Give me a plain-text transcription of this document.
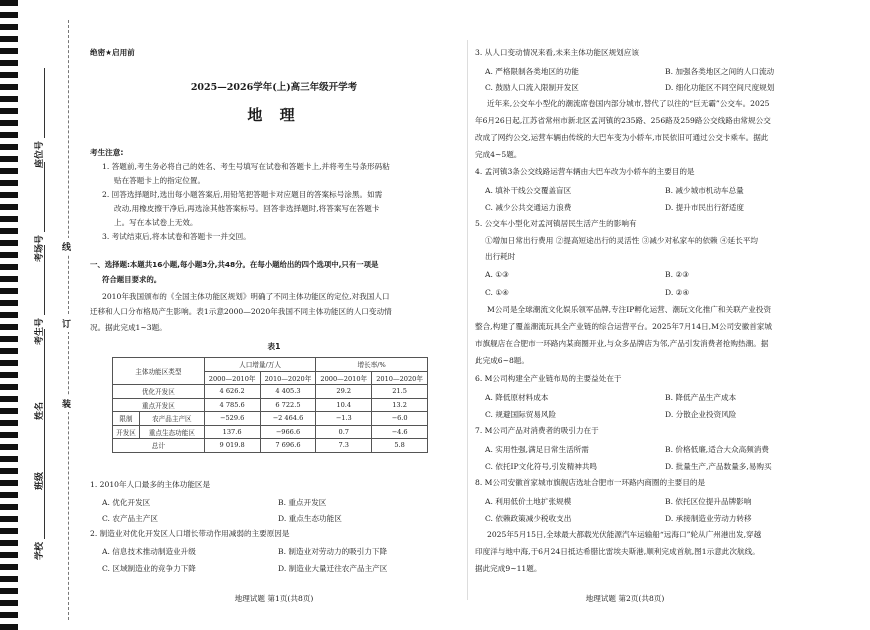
座位号
考场号
考生号
姓名
班级
学校
线
订
装
绝密★启用前
2025—2026学年(上)高三年级开学考
地 理
考生注意:
1. 答题前,考生务必将自己的姓名、考生号填写在试卷和答题卡上,并将考生号条形码粘
贴在答题卡上的指定位置。
2. 回答选择题时,选出每小题答案后,用铅笔把答题卡对应题目的答案标号涂黑。如需
改动,用橡皮擦干净后,再选涂其他答案标号。回答非选择题时,将答案写在答题卡
上。写在本试卷上无效。
3. 考试结束后,将本试卷和答题卡一并交回。
一、选择题:本题共16小题,每小题3分,共48分。在每小题给出的四个选项中,只有一项是
符合题目要求的。
2010年我国颁布的《全国主体功能区规划》明确了不同主体功能区的定位,对我国人口
迁移和人口分布格局产生影响。表1示意2000—2020年我国不同主体功能区的人口变动情
况。据此完成1~3题。
表1
主体功能区类型		人口增量/万人		增长率/%	
		2000—2010年	2010—2020年	2000—2010年	2010—2020年
优化开发区		4 626.2	4 405.3	29.2	21.5
重点开发区		4 785.6	6 722.5	10.4	13.2
限制	农产品主产区	−529.6	−2 464.6	−1.3	−6.0
开发区	重点生态功能区	137.6	−966.6	0.7	−4.6
总计		9 019.8	7 696.6	7.3	5.8
1. 2010年人口最多的主体功能区是
A. 优化开发区	B. 重点开发区
C. 农产品主产区	D. 重点生态功能区
2. 制造业对优化开发区人口增长带动作用减弱的主要原因是
A. 信息技术推动制造业升级	B. 制造业对劳动力的吸引力下降
C. 区域制造业的竞争力下降	D. 制造业大量迁往农产品主产区
地理试题 第1页(共8页)
3. 从人口变动情况来看,未来主体功能区规划应该
A. 严格限制各类地区的功能	B. 加强各类地区之间的人口流动
C. 鼓励人口流入限制开发区	D. 细化功能区不同空间尺度规划
近年来,公交车小型化的潮流席卷国内部分城市,替代了以往的“巨无霸”公交车。2025
年6月26日起,江苏省常州市新北区孟河镇的235路、256路及259路公交线路由常规公交
改成了网约公交,运营车辆由传统的大巴车变为小轿车,市民依旧可通过公交卡乘车。据此
完成4~5题。
4. 孟河镇3条公交线路运营车辆由大巴车改为小轿车的主要目的是
A. 填补干线公交覆盖盲区	B. 减少城市机动车总量
C. 减少公共交通运力浪费	D. 提升市民出行舒适度
5. 公交车小型化对孟河镇居民生活产生的影响有
①增加日常出行费用 ②提高短途出行的灵活性 ③减少对私家车的依赖 ④延长平均
出行耗时
A. ①③	B. ②③
C. ①④	D. ②④
M公司是全球潮流文化娱乐领军品牌,专注IP孵化运营、潮玩文化推广和关联产业投资
整合,构建了覆盖潮流玩具全产业链的综合运营平台。2025年7月14日,M公司安徽首家城
市旗舰店在合肥市一环路内某商圈开业,与众多品牌店为邻,产品引发消费者抢购热潮。据
此完成6~8题。
6. M公司构建全产业链布局的主要益处在于
A. 降低原材料成本	B. 降低产品生产成本
C. 规避国际贸易风险	D. 分散企业投资风险
7. M公司产品对消费者的吸引力在于
A. 实用性强,满足日常生活所需	B. 价格低廉,适合大众高频消费
C. 依托IP文化符号,引发精神共鸣	D. 批量生产,产品数量多,易购买
8. M公司安徽首家城市旗舰店选址合肥市一环路内商圈的主要目的是
A. 利用低价土地扩张规模	B. 依托区位提升品牌影响
C. 依赖政策减少税收支出	D. 承接制造业劳动力转移
2025年5月15日,全球最大都载光伏能源汽车运输船“远海口”轮从广州港出发,穿越
印度洋与地中海,于6月24日抵达希腊比雷埃夫斯港,顺利完成首航,图1示意此次航线。
据此完成9~11题。
地理试题 第2页(共8页)
